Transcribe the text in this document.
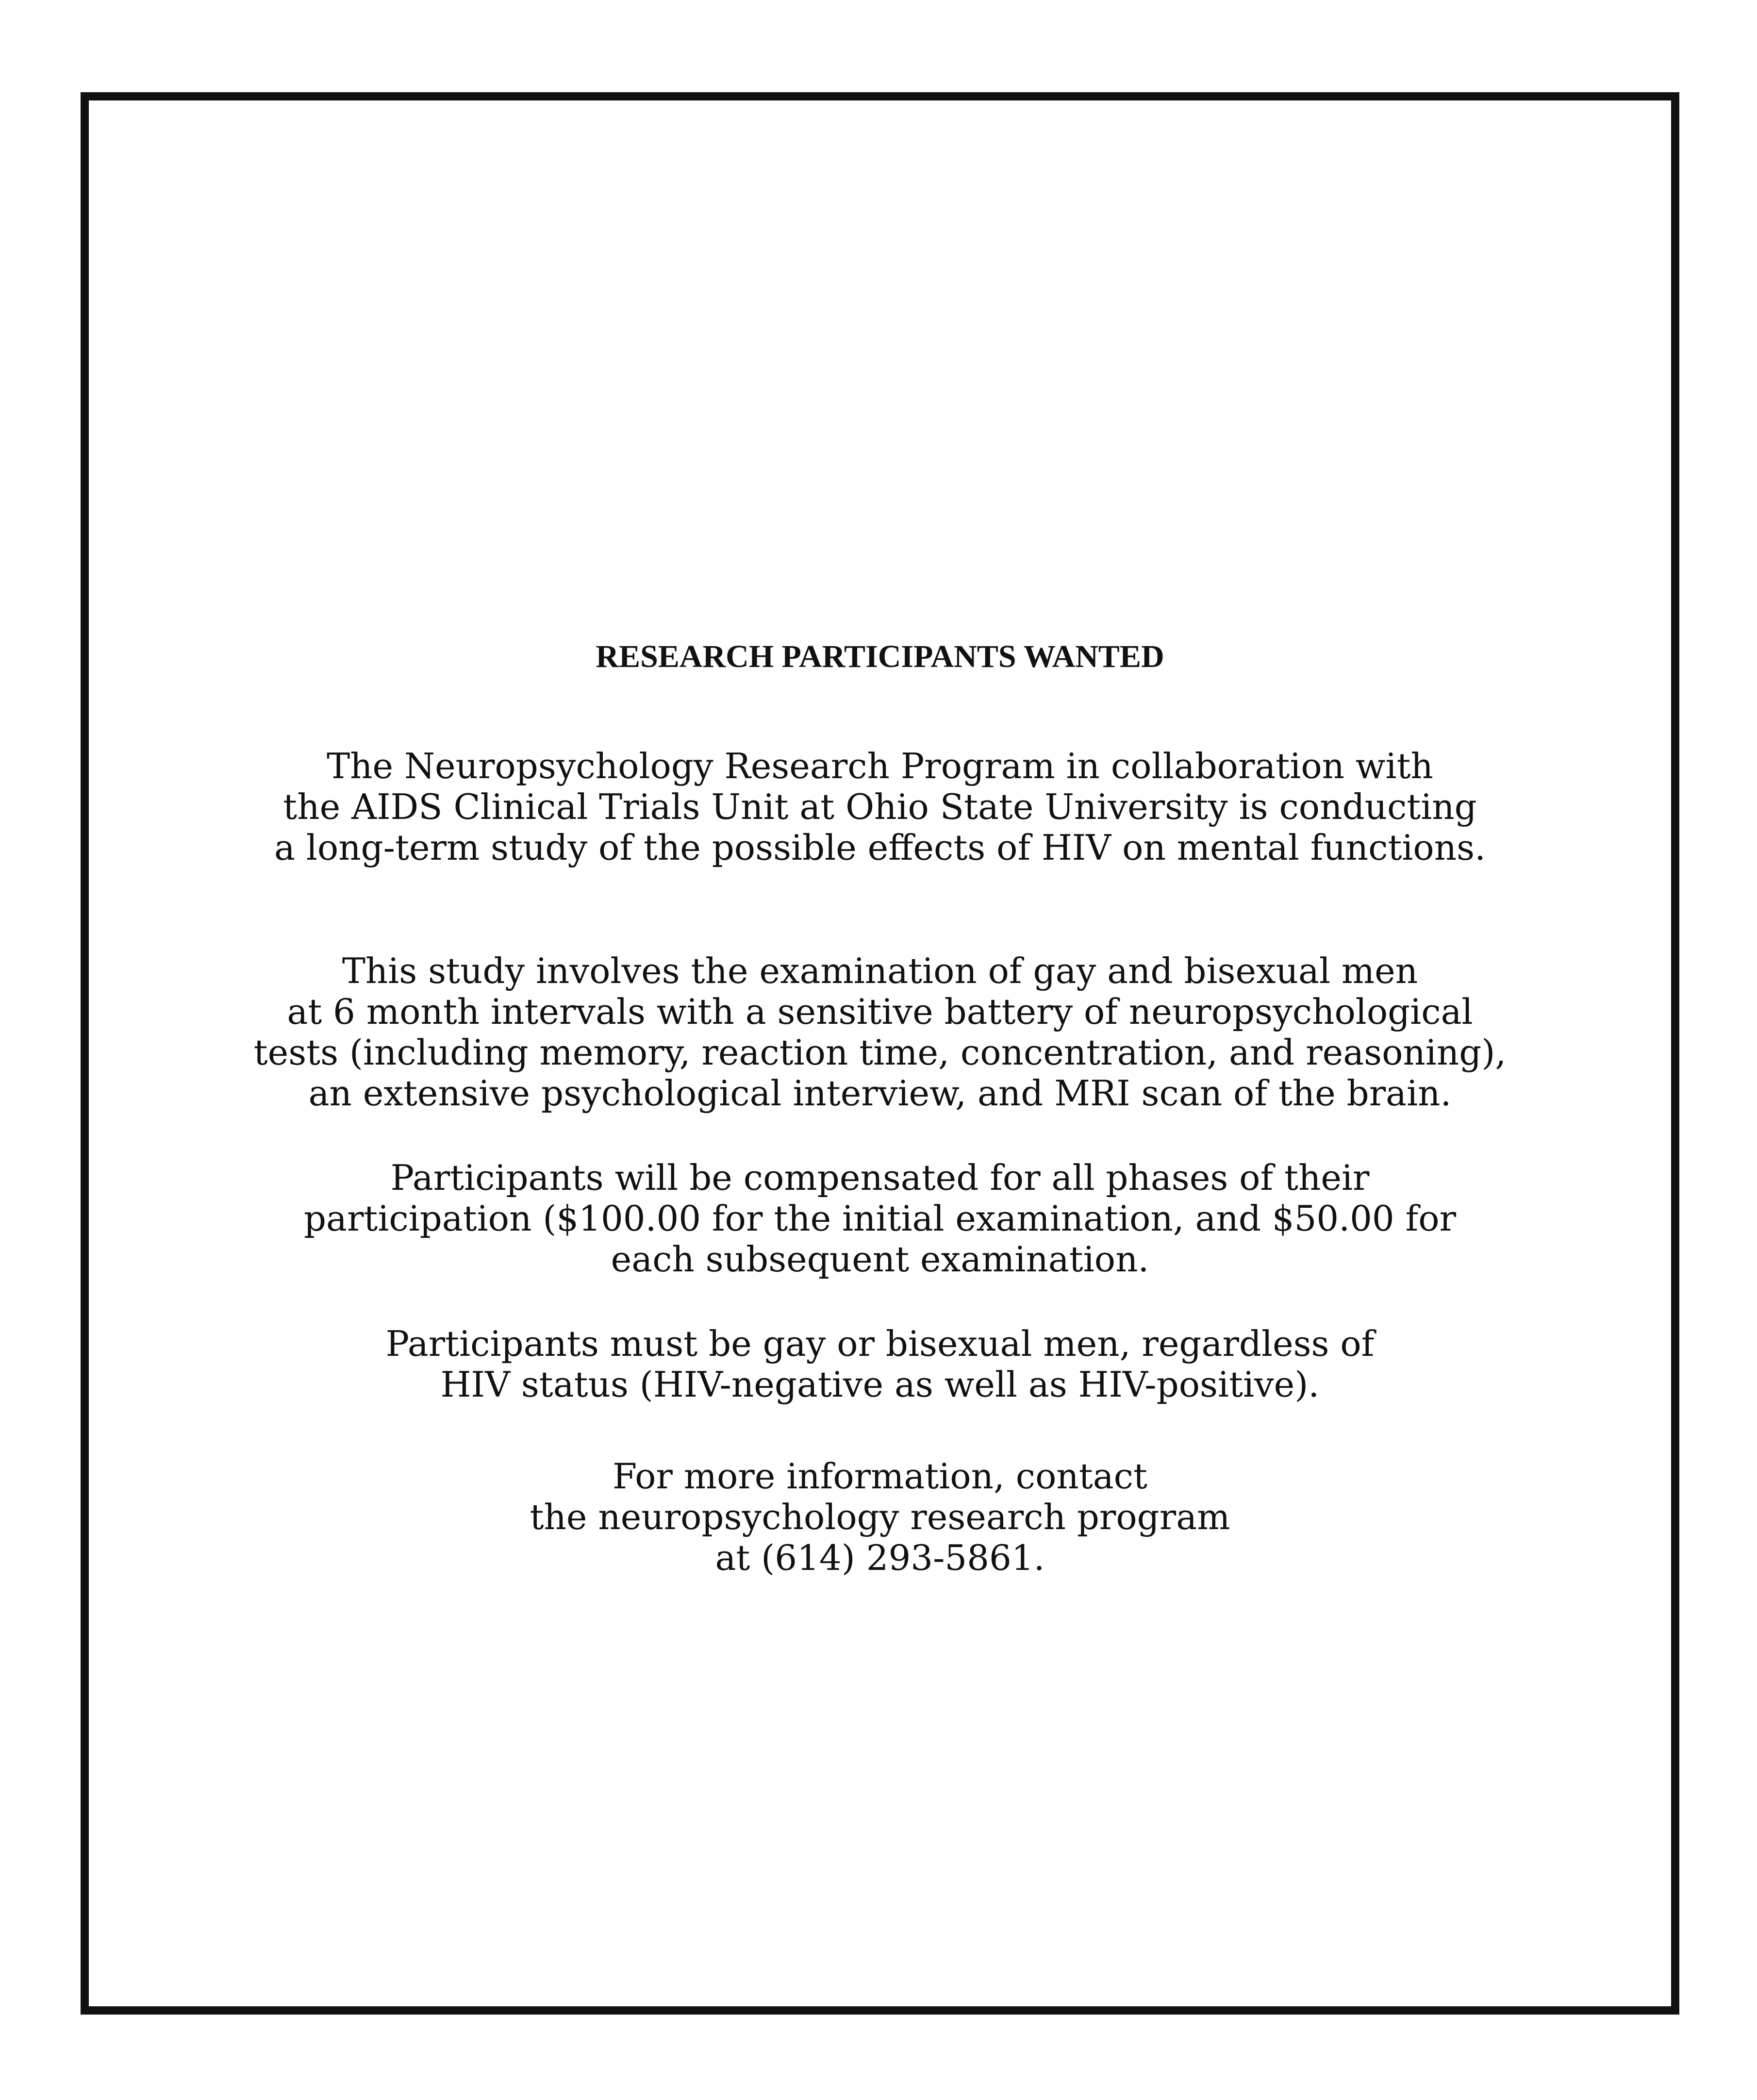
RESEARCH PARTICIPANTS WANTED

The Neuropsychology Research Program in collaboration with
the AIDS Clinical Trials Unit at Ohio State University is conducting
a long-term study of the possible effects of HIV on mental functions.

This study involves the examination of gay and bisexual men
at 6 month intervals with a sensitive battery of neuropsychological
tests (including memory, reaction time, concentration, and reasoning),
an extensive psychological interview, and MRI scan of the brain.

Participants will be compensated for all phases of their
participation ($100.00 for the initial examination, and $50.00 for
each subsequent examination.

Participants must be gay or bisexual men, regardless of
HIV status (HIV-negative as well as HIV-positive).

For more information, contact
the neuropsychology research program
at (614) 293-5861.
